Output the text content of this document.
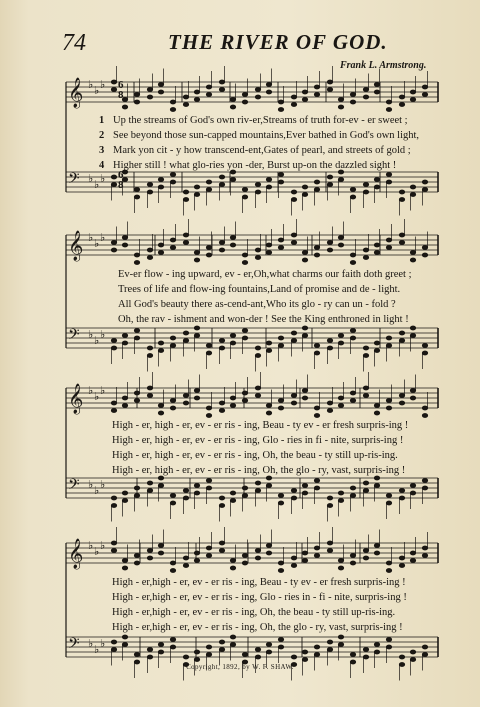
𝄞 ♭ ♭ ♭
𝄢 ♭ ♭ ♭
𝄞 ♭ ♭ ♭
𝄢 ♭ ♭ ♭
𝄞 ♭ ♭ ♭
𝄢 ♭ ♭ ♭
𝄞 ♭ ♭ ♭
𝄢 ♭ ♭ ♭
6
8
6
8
74	THE RIVER OF GOD.
Frank L. Armstrong.
1
2
3
4
Up the streams of God's own riv-er,Streams of truth for-ev - er sweet ;
See beyond those sun-capped mountains,Ever bathed in God's own light,
Mark yon cit - y how transcend-ent,Gates of pearl, and streets of gold ;
Higher still ! what glo-ries yon -der, Burst up-on the dazzled sight !
Ev-er flow - ing upward, ev - er,Oh,what charms our faith doth greet ;
Trees of life and flow-ing fountains,Land of promise and de - light.
All God's beauty there as-cend-ant,Who its glo - ry can un - fold ?
Oh, the rav - ishment and won-der ! See the King enthroned in light !
High - er, high - er, ev - er ris - ing, Beau - ty ev - er fresh surpris-ing !
High - er, high - er, ev - er ris - ing, Glo - ries in fi - nite, surpris-ing !
High - er, high - er, ev - er ris - ing, Oh, the beau - ty still up-ris-ing.
High - er, high - er, ev - er ris - ing, Oh, the glo - ry, vast, surpris-ing !
High - er,high - er, ev - er ris - ing, Beau - ty ev - er fresh surpris-ing !
High - er,high - er, ev - er ris - ing, Glo - ries in - fi - nite, surpris-ing !
High - er,high - er, ev - er ris - ing, Oh, the beau - ty still up-ris-ing.
High - er,high - er, ev - er ris - ing, Oh, the glo - ry, vast, surpris-ing !
Copyright, 1892, by W. F. SHAW.
